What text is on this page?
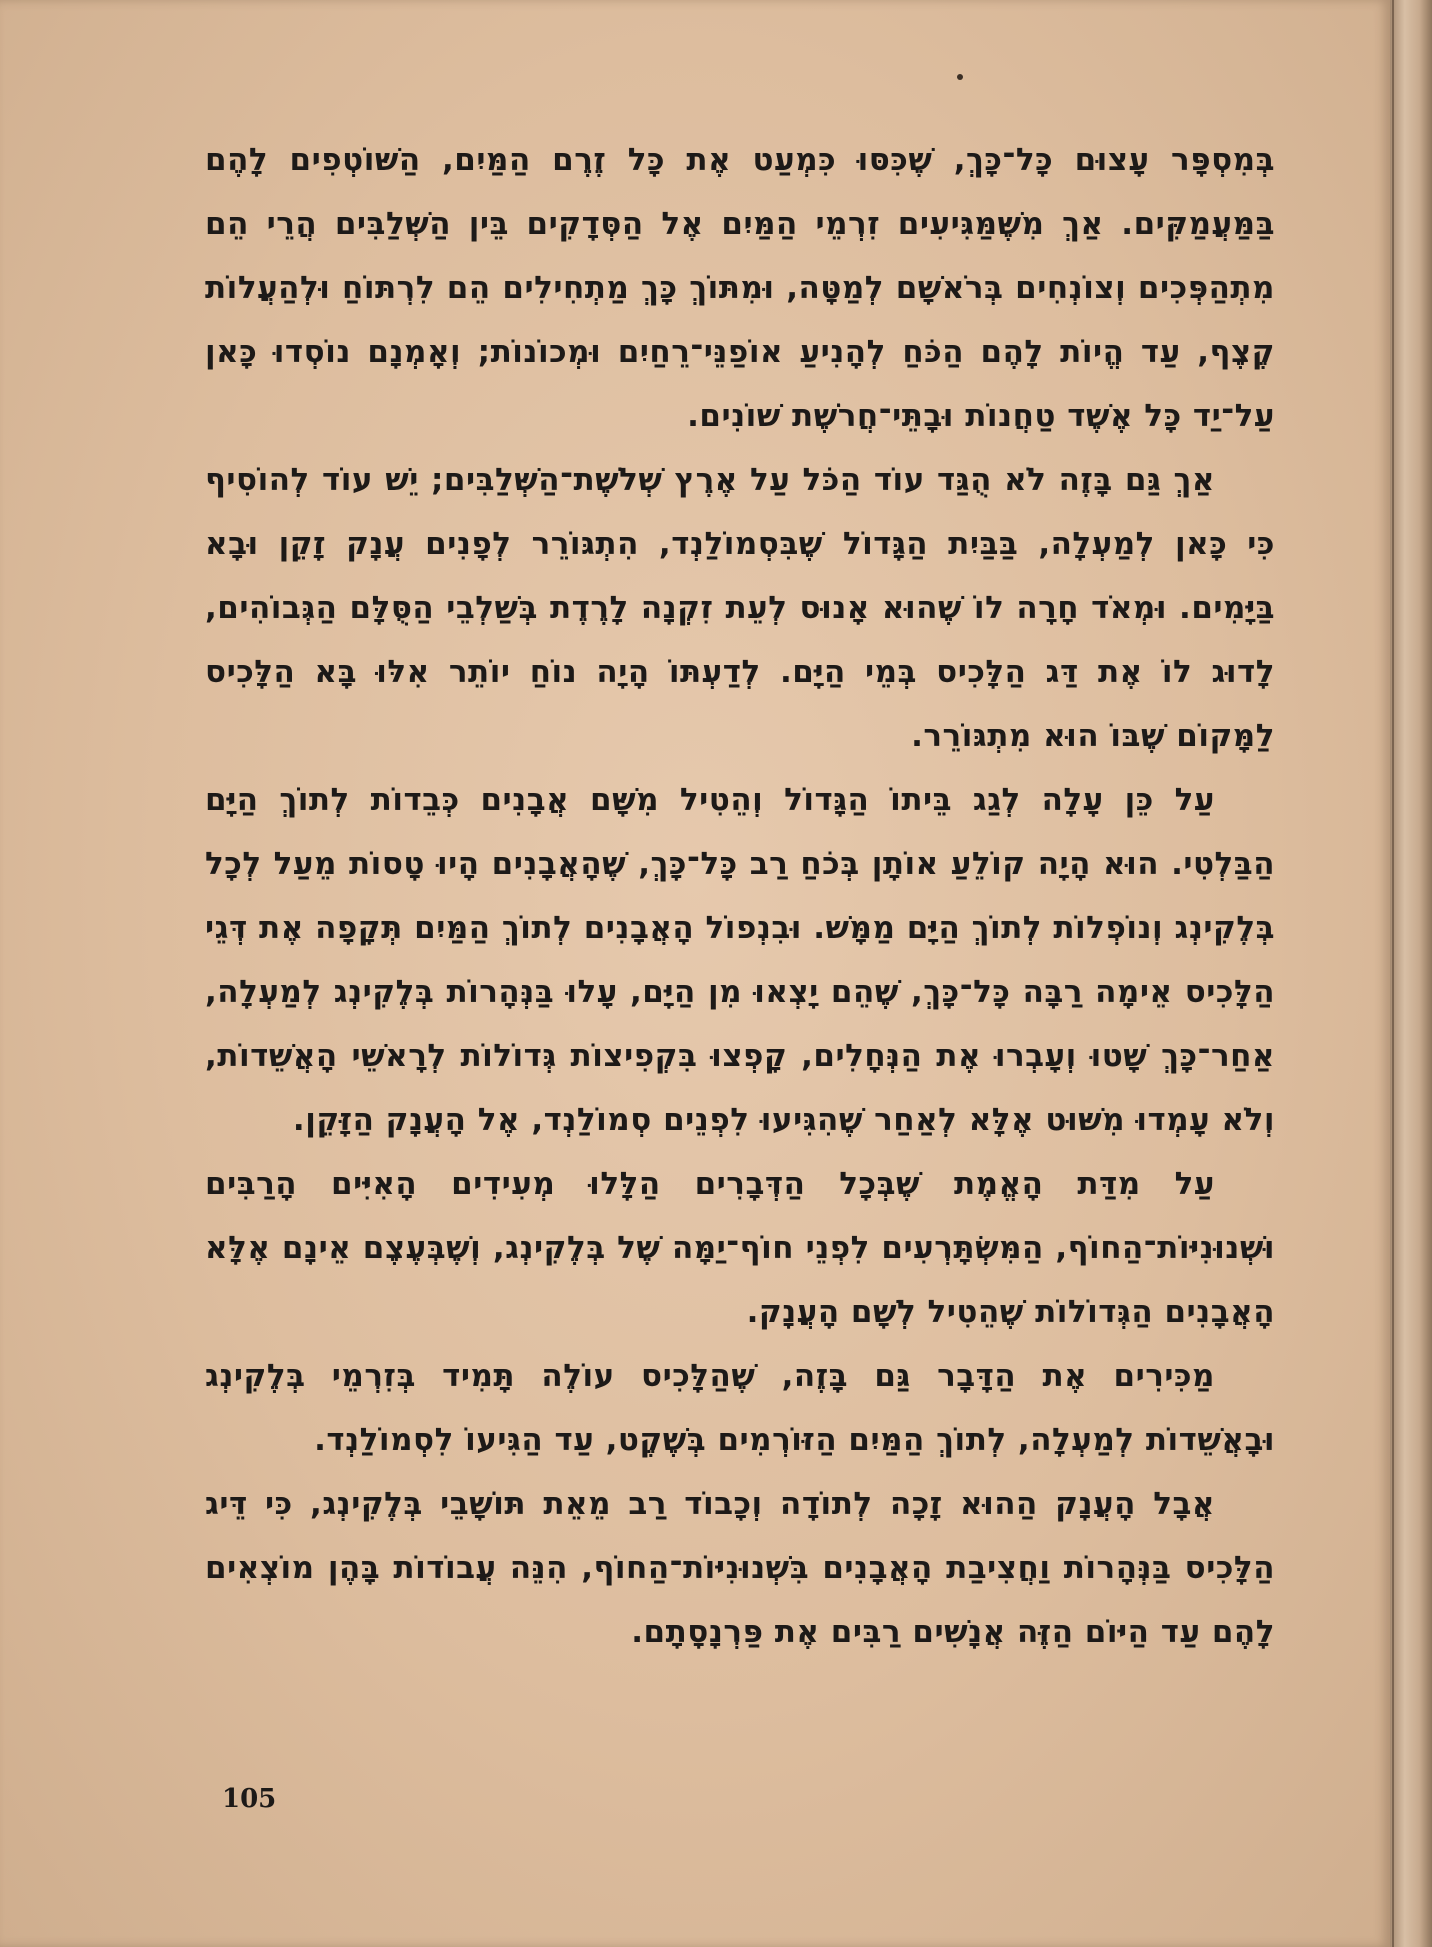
בְּמִסְפָּר עָצוּם כָּל־כָּךְ, שֶׁכִּסּוּ כִּמְעַט אֶת כָּל זֶרֶם הַמַּיִם, הַשּׁוֹטְפִים לָהֶם בַּמַּעֲמַקִּים. אַךְ מִשֶּׁמַּגִּיעִים זִרְמֵי הַמַּיִם אֶל הַסְּדָקִים בֵּין הַשְּׁלַבִּים הֲרֵי הֵם מִתְהַפְּכִים וְצוֹנְחִים בְּרֹאשָׁם לְמַטָּה, וּמִתּוֹךְ כָּךְ מַתְחִילִים הֵם לִרְתּוֹחַ וּלְהַעֲלוֹת קֶצֶף, עַד הֱיוֹת לָהֶם הַכֹּחַ לְהָנִיעַ אוֹפַנֵּי־רֵחַיִם וּמְכוֹנוֹת; וְאָמְנָם נוֹסְדוּ כָּאן עַל־יַד כָּל אֶשֶׁד טַחֲנוֹת וּבָתֵּי־חֲרֹשֶׁת שׁוֹנִים.

אַךְ גַּם בָּזֶה לֹא הֻגַּד עוֹד הַכֹּל עַל אֶרֶץ שְׁלֹשֶׁת־הַשְּׁלַבִּים; יֵשׁ עוֹד לְהוֹסִיף כִּי כָּאן לְמַעְלָה, בַּבַּיִת הַגָּדוֹל שֶׁבִּסְמוֹלַנְד, הִתְגּוֹרֵר לְפָנִים עֲנָק זָקֵן וּבָא בַּיָּמִים. וּמְאֹד חָרָה לוֹ שֶׁהוּא אָנוּס לְעֵת זִקְנָה לָרֶדֶת בְּשַׁלְבֵי הַסֻּלָּם הַגְּבוֹהִים, לָדוּג לוֹ אֶת דַּג הַלָּכִיס בְּמֵי הַיָּם. לְדַעְתּוֹ הָיָה נוֹחַ יוֹתֵר אִלּוּ בָּא הַלָּכִיס לַמָּקוֹם שֶׁבּוֹ הוּא מִתְגּוֹרֵר.

עַל כֵּן עָלָה לְגַג בֵּיתוֹ הַגָּדוֹל וְהֵטִיל מִשָּׁם אֲבָנִים כְּבֵדוֹת לְתוֹךְ הַיָּם הַבַּלְטִי. הוּא הָיָה קוֹלֵעַ אוֹתָן בְּכֹחַ רַב כָּל־כָּךְ, שֶׁהָאֲבָנִים הָיוּ טָסוֹת מֵעַל לְכָל בְּלֶקִינְג וְנוֹפְלוֹת לְתוֹךְ הַיָּם מַמָּשׁ. וּבִנְפוֹל הָאֲבָנִים לְתוֹךְ הַמַּיִם תְּקָפָה אֶת דְּגֵי הַלָּכִיס אֵימָה רַבָּה כָּל־כָּךְ, שֶׁהֵם יָצְאוּ מִן הַיָּם, עָלוּ בַּנְּהָרוֹת בְּלֶקִינְג לְמַעְלָה, אַחַר־כָּךְ שָׁטוּ וְעָבְרוּ אֶת הַנְּחָלִים, קָפְצוּ בִּקְפִיצוֹת גְּדוֹלוֹת לְרָאשֵׁי הָאֲשֵׁדוֹת, וְלֹא עָמְדוּ מִשּׁוּט אֶלָּא לְאַחַר שֶׁהִגִּיעוּ לִפְנֵים סְמוֹלַנְד, אֶל הָעֲנָק הַזָּקֵן.

עַל מִדַּת הָאֱמֶת שֶׁבְּכָל הַדְּבָרִים הַלָּלוּ מְעִידִים הָאִיִּים הָרַבִּים וּשְׁנוּנִיּוֹת־הַחוֹף, הַמִּשְׂתָּרְעִים לִפְנֵי חוֹף־יַמָּה שֶׁל בְּלֶקִינְג, וְשֶׁבְּעֶצֶם אֵינָם אֶלָּא הָאֲבָנִים הַגְּדוֹלוֹת שֶׁהֵטִיל לְשָׁם הָעֲנָק.

מַכִּירִים אֶת הַדָּבָר גַּם בָּזֶה, שֶׁהַלָּכִיס עוֹלֶה תָּמִיד בְּזִרְמֵי בְּלֶקִינְג וּבָאֲשֵׁדוֹת לְמַעְלָה, לְתוֹךְ הַמַּיִם הַזּוֹרְמִים בְּשֶׁקֶט, עַד הַגִּיעוֹ לִסְמוֹלַנְד.

אֲבָל הָעֲנָק הַהוּא זָכָה לְתוֹדָה וְכָבוֹד רַב מֵאֵת תּוֹשָׁבֵי בְּלֶקִינְג, כִּי דֵּיג הַלָּכִיס בַּנְּהָרוֹת וַחֲצִיבַת הָאֲבָנִים בִּשְׁנוּנִיּוֹת־הַחוֹף, הִנֵּה עֲבוֹדוֹת בָּהֶן מוֹצְאִים לָהֶם עַד הַיּוֹם הַזֶּה אֲנָשִׁים רַבִּים אֶת פַּרְנָסָתָם.

105
